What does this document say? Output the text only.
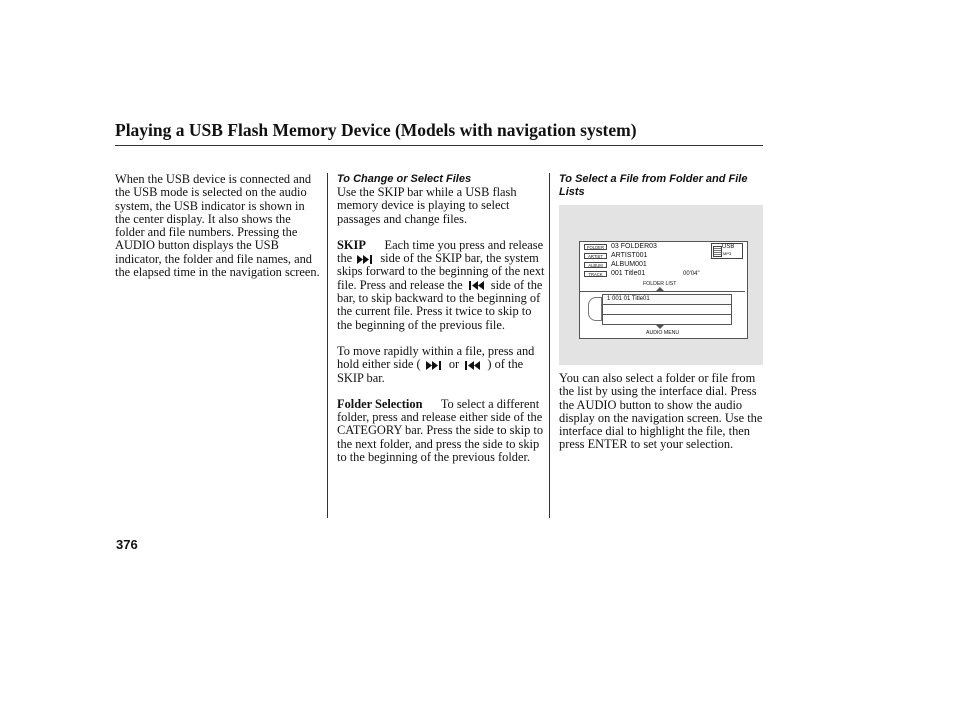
Playing a USB Flash Memory Device (Models with navigation system)

When the USB device is connected and the USB mode is selected on the audio system, the USB indicator is shown in the center display. It also shows the folder and file numbers. Pressing the AUDIO button displays the USB indicator, the folder and file names, and the elapsed time in the navigation screen.

To Change or Select Files

Use the SKIP bar while a USB flash memory device is playing to select passages and change files.

SKIP Each time you press and release the side of the SKIP bar, the system skips forward to the beginning of the next file. Press and release the side of the bar, to skip backward to the beginning of the current file. Press it twice to skip to the beginning of the previous file.

To move rapidly within a file, press and hold either side ( or ) of the SKIP bar.

Folder Selection To select a different folder, press and release either side of the CATEGORY bar. Press the side to skip to the next folder, and press the side to skip to the beginning of the previous folder.

To Select a File from Folder and File Lists

FOLDER	03 FOLDER03
ARTIST	ARTIST001
ALBUM	ALBUM001
TRACK	001 Title01	00'04"
USB
MP3
FOLDER LIST
1 001 01 Title01
AUDIO MENU

You can also select a folder or file from the list by using the interface dial. Press the AUDIO button to show the audio display on the navigation screen. Use the interface dial to highlight the file, then press ENTER to set your selection.

376
